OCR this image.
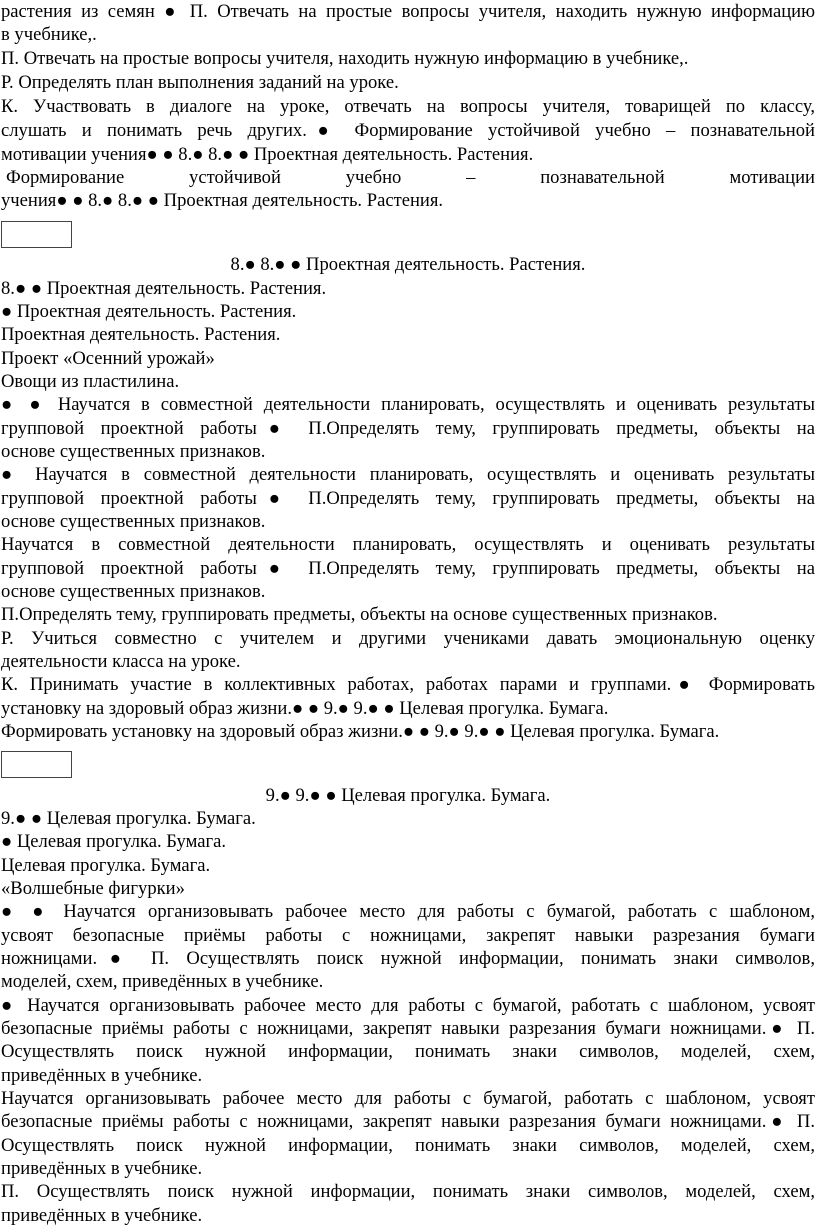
растения из семян ● П. Отвечать на простые вопросы учителя, находить нужную информацию
в учебнике,.
П. Отвечать на простые вопросы учителя, находить нужную информацию в учебнике,.
Р. Определять план выполнения заданий на уроке.
К. Участвовать в диалоге на уроке, отвечать на вопросы учителя, товарищей по классу,
слушать и понимать речь других.● Формирование устойчивой учебно – познавательной
мотивации учения● ● 8.● 8.● ● Проектная деятельность. Растения.
Формирование устойчивой учебно – познавательной мотивации
учения● ● 8.● 8.● ● Проектная деятельность. Растения.
8.● 8.● ● Проектная деятельность. Растения.
8.● ● Проектная деятельность. Растения.
● Проектная деятельность. Растения.
Проектная деятельность. Растения.
Проект «Осенний урожай»
Овощи из пластилина.
● ● Научатся в совместной деятельности планировать, осуществлять и оценивать результаты
групповой проектной работы● П.Определять тему, группировать предметы, объекты на
основе существенных признаков.
● Научатся в совместной деятельности планировать, осуществлять и оценивать результаты
групповой проектной работы● П.Определять тему, группировать предметы, объекты на
основе существенных признаков.
Научатся в совместной деятельности планировать, осуществлять и оценивать результаты
групповой проектной работы● П.Определять тему, группировать предметы, объекты на
основе существенных признаков.
П.Определять тему, группировать предметы, объекты на основе существенных признаков.
Р. Учиться совместно с учителем и другими учениками давать эмоциональную оценку
деятельности класса на уроке.
К. Принимать участие в коллективных работах, работах парами и группами.● Формировать
установку на здоровый образ жизни.● ● 9.● 9.● ● Целевая прогулка. Бумага.
Формировать установку на здоровый образ жизни.● ● 9.● 9.● ● Целевая прогулка. Бумага.
9.● 9.● ● Целевая прогулка. Бумага.
9.● ● Целевая прогулка. Бумага.
● Целевая прогулка. Бумага.
Целевая прогулка. Бумага.
«Волшебные фигурки»
● ● Научатся организовывать рабочее место для работы с бумагой, работать с шаблоном,
усвоят безопасные приёмы работы с ножницами, закрепят навыки разрезания бумаги
ножницами.● П. Осуществлять поиск нужной информации, понимать знаки символов,
моделей, схем, приведённых в учебнике.
● Научатся организовывать рабочее место для работы с бумагой, работать с шаблоном, усвоят
безопасные приёмы работы с ножницами, закрепят навыки разрезания бумаги ножницами.● П.
Осуществлять поиск нужной информации, понимать знаки символов, моделей, схем,
приведённых в учебнике.
Научатся организовывать рабочее место для работы с бумагой, работать с шаблоном, усвоят
безопасные приёмы работы с ножницами, закрепят навыки разрезания бумаги ножницами.● П.
Осуществлять поиск нужной информации, понимать знаки символов, моделей, схем,
приведённых в учебнике.
П. Осуществлять поиск нужной информации, понимать знаки символов, моделей, схем,
приведённых в учебнике.
